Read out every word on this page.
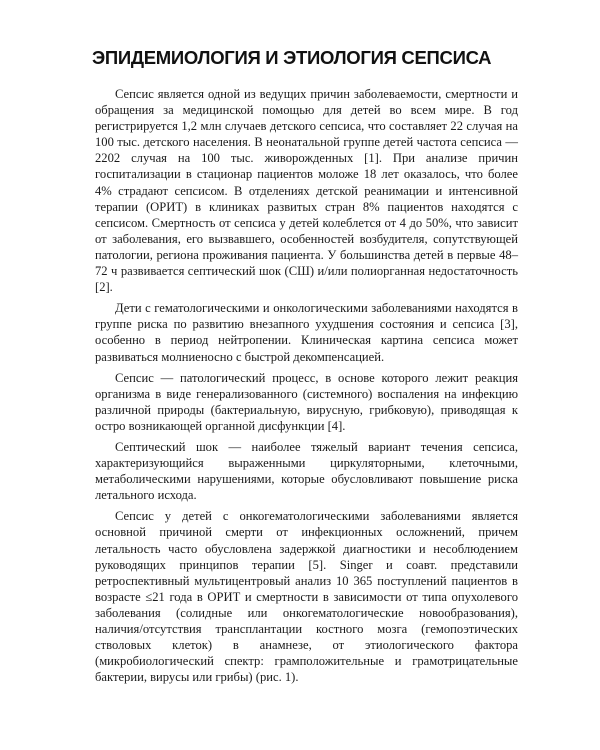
ЭПИДЕМИОЛОГИЯ И ЭТИОЛОГИЯ СЕПСИСА

Сепсис является одной из ведущих причин заболеваемости, смертности и обращения за медицинской помощью для детей во всем мире. В год регистрируется 1,2 млн случаев детского сепсиса, что составляет 22 случая на 100 тыс. детского населения. В неонатальной группе детей частота сепсиса — 2202 случая на 100 тыс. живорожденных [1]. При анализе причин госпитализации в стационар пациентов моложе 18 лет оказалось, что более 4% страдают сепсисом. В отделениях детской реанимации и интенсивной терапии (ОРИТ) в клиниках развитых стран 8% пациентов находятся с сепсисом. Смертность от сепсиса у детей колеблется от 4 до 50%, что зависит от заболевания, его вызвавшего, особенностей возбудителя, сопутствующей патологии, региона проживания пациента. У большинства детей в первые 48–72 ч развивается септический шок (СШ) и/или полиорганная недостаточность [2].

Дети с гематологическими и онкологическими заболеваниями находятся в группе риска по развитию внезапного ухудшения состояния и сепсиса [3], особенно в период нейтропении. Клиническая картина сепсиса может развиваться молниеносно с быстрой декомпенсацией.

Сепсис — патологический процесс, в основе которого лежит реакция организма в виде генерализованного (системного) воспаления на инфекцию различной природы (бактериальную, вирусную, грибковую), приводящая к остро возникающей органной дисфункции [4].

Септический шок — наиболее тяжелый вариант течения сепсиса, характеризующийся выраженными циркуляторными, клеточными, метаболическими нарушениями, которые обусловливают повышение риска летального исхода.

Сепсис у детей с онкогематологическими заболеваниями является основной причиной смерти от инфекционных осложнений, причем летальность часто обусловлена задержкой диагностики и несоблюдением руководящих принципов терапии [5]. Singer и соавт. представили ретроспективный мультицентровый анализ 10 365 поступлений пациентов в возрасте ≤21 года в ОРИТ и смертности в зависимости от типа опухолевого заболевания (солидные или онкогематологические новообразования), наличия/отсутствия трансплантации костного мозга (гемопоэтических стволовых клеток) в анамнезе, от этиологического фактора (микробиологический спектр: грамположительные и грамотрицательные бактерии, вирусы или грибы) (рис. 1).
